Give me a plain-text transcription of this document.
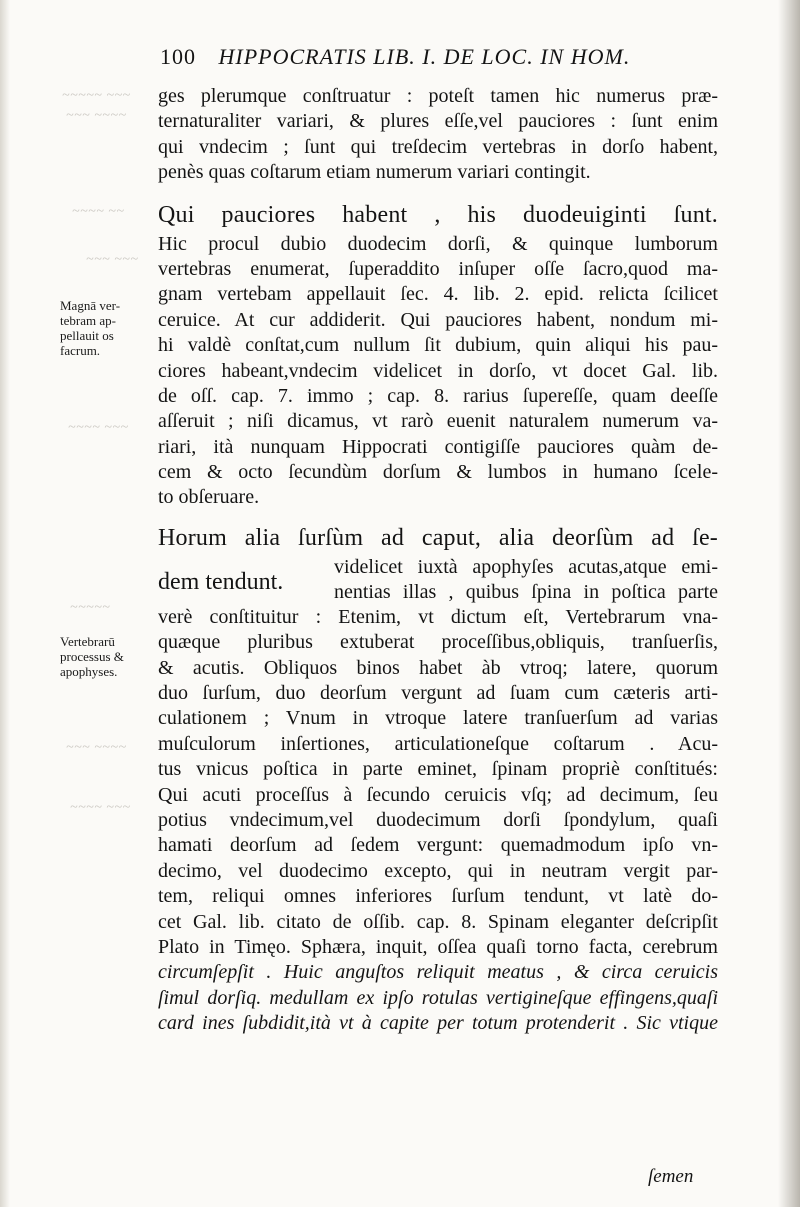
~~~~~ ~~~
~~~ ~~~~
~~~~ ~~
~~~ ~~~
~~~~ ~~~
~~~~~
~~~ ~~~~
~~~~ ~~~
100 HIPPOCRATIS LIB. I. DE LOC. IN HOM.
Magnā ver-
tebram ap-
pellauit os
facrum.
Vertebrarū
processus &
apophyses.
ges plerumque conſtruatur : poteſt tamen hic numerus præ-
ternaturaliter variari, & plures eſſe,vel pauciores : ſunt enim
qui vndecim ; ſunt qui treſdecim vertebras in dorſo habent,
penès quas coſtarum etiam numerum variari contingit.
Qui pauciores habent , his duodeuiginti ſunt.
Hic procul dubio duodecim dorſi, & quinque lumborum
vertebras enumerat, ſuperaddito inſuper oſſe ſacro,quod ma-
gnam vertebam appellauit ſec. 4. lib. 2. epid. relicta ſcilicet
ceruice. At cur addiderit. Qui pauciores habent, nondum mi-
hi valdè conſtat,cum nullum ſit dubium, quin aliqui his pau-
ciores habeant,vndecim videlicet in dorſo, vt docet Gal. lib.
de oſſ. cap. 7. immo ; cap. 8. rarius ſupereſſe, quam deeſſe
aſſeruit ; niſi dicamus, vt rarò euenit naturalem numerum va-
riari, ità nunquam Hippocrati contigiſſe pauciores quàm de-
cem & octo ſecundùm dorſum & lumbos in humano ſcele-
to obſeruare.
Horum alia ſurſùm ad caput, alia deorſùm ad ſe-
dem tendunt.
videlicet iuxtà apophyſes acutas,atque emi-
nentias illas , quibus ſpina in poſtica parte
verè conſtituitur : Etenim, vt dictum eſt, Vertebrarum vna-
quæque pluribus extuberat proceſſibus,obliquis, tranſuerſis,
& acutis. Obliquos binos habet àb vtroq; latere, quorum
duo ſurſum, duo deorſum vergunt ad ſuam cum cæteris arti-
culationem ; Vnum in vtroque latere tranſuerſum ad varias
muſculorum inſertiones, articulationeſque coſtarum . Acu-
tus vnicus poſtica in parte eminet, ſpinam propriè conſtitués:
Qui acuti proceſſus à ſecundo ceruicis vſq; ad decimum, ſeu
potius vndecimum,vel duodecimum dorſi ſpondylum, quaſi
hamati deorſum ad ſedem vergunt: quemadmodum ipſo vn-
decimo, vel duodecimo excepto, qui in neutram vergit par-
tem, reliqui omnes inferiores ſurſum tendunt, vt latè do-
cet Gal. lib. citato de oſſib. cap. 8. Spinam eleganter deſcripſit
Plato in Timęo. Sphæra, inquit, oſſea quaſi torno facta, cerebrum
circumſepſit . Huic anguſtos reliquit meatus , & circa ceruicis
ſimul dorſiq. medullam ex ipſo rotulas vertigineſque effingens,quaſi
card ines ſubdidit,ità vt à capite per totum protenderit . Sic vtique
ſemen
